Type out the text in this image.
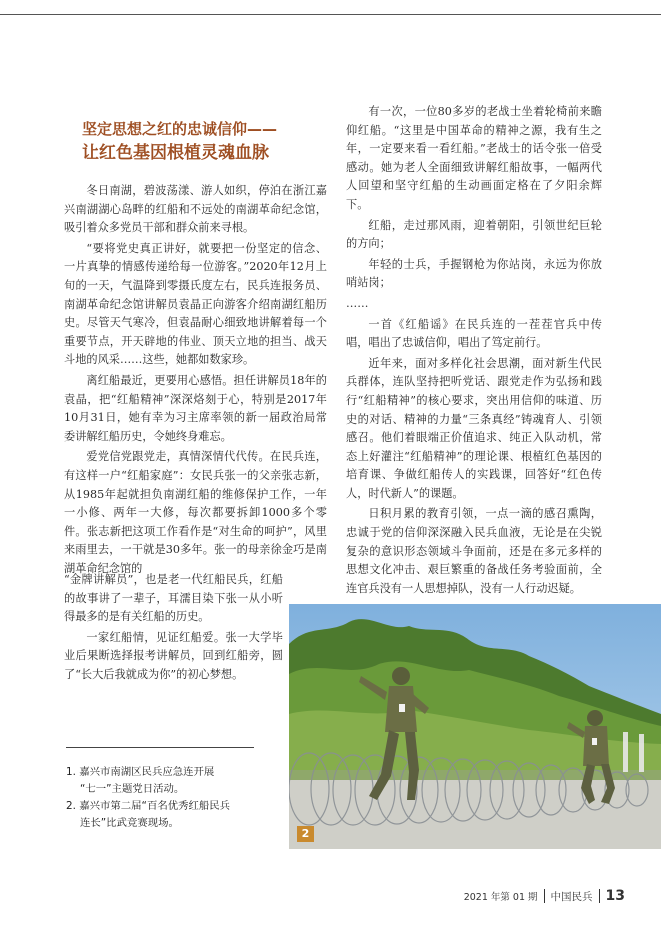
坚定思想之红的忠诚信仰——
让红色基因根植灵魂血脉

冬日南湖，碧波荡漾、游人如织，停泊在浙江嘉兴南湖湖心岛畔的红船和不远处的南湖革命纪念馆，吸引着众多党员干部和群众前来寻根。

“要将党史真正讲好，就要把一份坚定的信念、一片真挚的情感传递给每一位游客。”2020年12月上旬的一天，气温降到零摄氏度左右，民兵连报务员、南湖革命纪念馆讲解员袁晶正向游客介绍南湖红船历史。尽管天气寒冷，但袁晶耐心细致地讲解着每一个重要节点，开天辟地的伟业、顶天立地的担当、战天斗地的风采……这些，她都如数家珍。

离红船最近，更要用心感悟。担任讲解员18年的袁晶，把“红船精神”深深烙刻于心，特别是2017年10月31日，她有幸为习主席率领的新一届政治局常委讲解红船历史，令她终身难忘。

爱党信党跟党走，真情深情代代传。在民兵连，有这样一户“红船家庭”：女民兵张一的父亲张志新，从1985年起就担负南湖红船的维修保护工作，一年一小修、两年一大修，每次都要拆卸1000多个零件。张志新把这项工作看作是“对生命的呵护”，风里来雨里去，一干就是30多年。张一的母亲徐金巧是南湖革命纪念馆的

“金牌讲解员”，也是老一代红船民兵，红船的故事讲了一辈子，耳濡目染下张一从小听得最多的是有关红船的历史。

一家红船情，见证红船爱。张一大学毕业后果断选择报考讲解员，回到红船旁，圆了“长大后我就成为你”的初心梦想。

有一次，一位80多岁的老战士坐着轮椅前来瞻仰红船。“这里是中国革命的精神之源，我有生之年，一定要来看一看红船。”老战士的话令张一倍受感动。她为老人全面细致讲解红船故事，一幅两代人回望和坚守红船的生动画面定格在了夕阳余辉下。

红船，走过那风雨，迎着朝阳，引领世纪巨轮的方向；

年轻的士兵，手握钢枪为你站岗，永远为你放哨站岗；

……

一首《红船谣》在民兵连的一茬茬官兵中传唱，唱出了忠诚信仰，唱出了笃定前行。

近年来，面对多样化社会思潮，面对新生代民兵群体，连队坚持把听党话、跟党走作为弘扬和践行“红船精神”的核心要求，突出用信仰的味道、历史的对话、精神的力量“三条真经”铸魂育人、引领感召。他们着眼端正价值追求、纯正入队动机，常态上好灌注“红船精神”的理论课、根植红色基因的培育课、争做红船传人的实践课，回答好“红色传人，时代新人”的课题。

日积月累的教育引领，一点一滴的感召熏陶，忠诚于党的信仰深深融入民兵血液，无论是在尖锐复杂的意识形态领域斗争面前，还是在多元多样的思想文化冲击、艰巨繁重的备战任务考验面前，全连官兵没有一人思想掉队，没有一人行动迟疑。

1. 嘉兴市南湖区民兵应急连开展
“七一”主题党日活动。
2. 嘉兴市第二届“百名优秀红船民兵
连长”比武竞赛现场。
2
2021 年第 01 期 中国民兵 13
